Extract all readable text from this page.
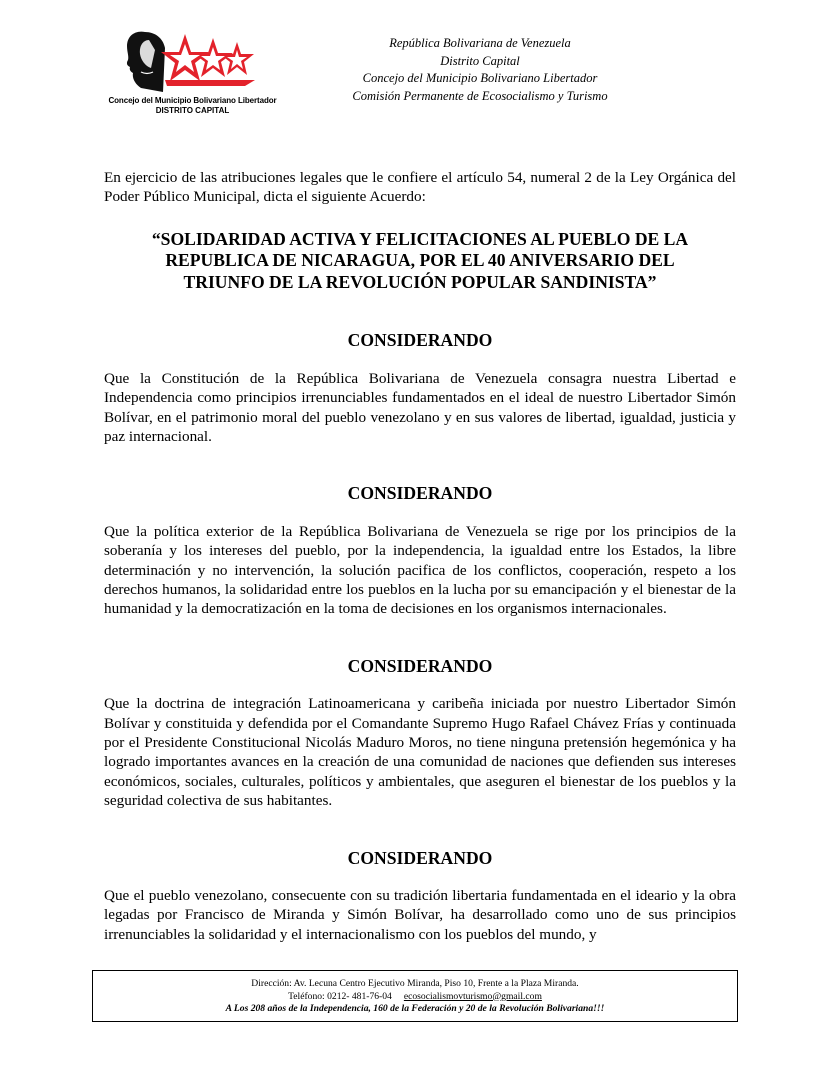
Concejo del Municipio Bolivariano Libertador
DISTRITO CAPITAL
República Bolivariana de Venezuela
Distrito Capital
Concejo del Municipio Bolivariano Libertador
Comisión Permanente de Ecosocialismo y Turismo

En ejercicio de las atribuciones legales que le confiere el artículo 54, numeral 2 de la Ley Orgánica del Poder Público Municipal, dicta el siguiente Acuerdo:

“SOLIDARIDAD ACTIVA Y FELICITACIONES AL PUEBLO DE LA
REPUBLICA DE NICARAGUA, POR EL 40 ANIVERSARIO DEL
TRIUNFO DE LA REVOLUCIÓN POPULAR SANDINISTA”
CONSIDERANDO

Que la Constitución de la República Bolivariana de Venezuela consagra nuestra Libertad e Independencia como principios irrenunciables fundamentados en el ideal de nuestro Libertador Simón Bolívar, en el patrimonio moral del pueblo venezolano y en sus valores de libertad, igualdad, justicia y paz internacional.

CONSIDERANDO

Que la política exterior de la República Bolivariana de Venezuela se rige por los principios de la soberanía y los intereses del pueblo, por la independencia, la igualdad entre los Estados, la libre determinación y no intervención, la solución pacifica de los conflictos, cooperación, respeto a los derechos humanos, la solidaridad entre los pueblos en la lucha por su emancipación y el bienestar de la humanidad y la democratización en la toma de decisiones en los organismos internacionales.

CONSIDERANDO

Que la doctrina de integración Latinoamericana y caribeña iniciada por nuestro Libertador Simón Bolívar y constituida y defendida por el Comandante Supremo Hugo Rafael Chávez Frías y continuada por el Presidente Constitucional Nicolás Maduro Moros, no tiene ninguna pretensión hegemónica y ha logrado importantes avances en la creación de una comunidad de naciones que defienden sus intereses económicos, sociales, culturales, políticos y ambientales, que aseguren el bienestar de los pueblos y la seguridad colectiva de sus habitantes.

CONSIDERANDO

Que el pueblo venezolano, consecuente con su tradición libertaria fundamentada en el ideario y la obra legadas por Francisco de Miranda y Simón Bolívar, ha desarrollado como uno de sus principios irrenunciables la solidaridad y el internacionalismo con los pueblos del mundo, y

Dirección: Av. Lecuna Centro Ejecutivo Miranda, Piso 10, Frente a la Plaza Miranda.
Teléfono: 0212- 481-76-04 ecosocialismovturismo@gmail.com
A Los 208 años de la Independencia, 160 de la Federación y 20 de la Revolución Bolivariana!!!
